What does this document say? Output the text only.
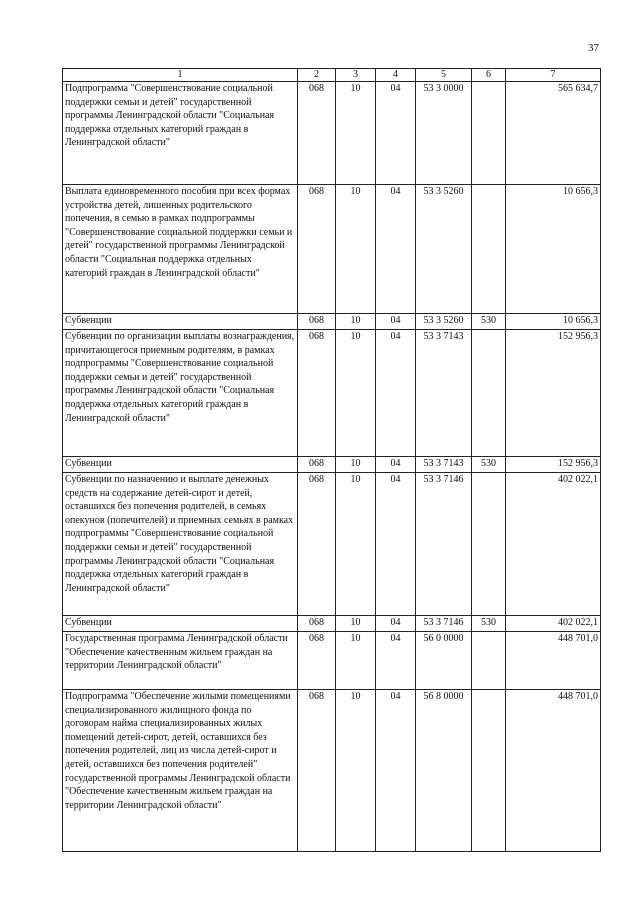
37
1	2	3	4	5	6	7
Подпрограмма "Совершенствование социальной поддержки семьи и детей" государственной программы Ленинградской области "Социальная поддержка отдельных категорий граждан в Ленинградской области"	068	10	04	53 3 0000		565 634,7
Выплата единовременного пособия при всех формах устройства детей, лишенных родительского попечения, в семью в рамках подпрограммы "Совершенствование социальной поддержки семьи и детей" государственной программы Ленинградской области "Социальная поддержка отдельных категорий граждан в Ленинградской области"	068	10	04	53 3 5260		10 656,3
Субвенции	068	10	04	53 3 5260	530	10 656,3
Субвенции по организации выплаты вознаграждения, причитающегося приемным родителям, в рамках подпрограммы "Совершенствование социальной поддержки семьи и детей" государственной программы Ленинградской области "Социальная поддержка отдельных категорий граждан в Ленинградской области"	068	10	04	53 3 7143		152 956,3
Субвенции	068	10	04	53 3 7143	530	152 956,3
Субвенции по назначению и выплате денежных средств на содержание детей-сирот и детей, оставшихся без попечения родителей, в семьях опекунов (попечителей) и приемных семьях в рамках подпрограммы "Совершенствование социальной поддержки семьи и детей" государственной программы Ленинградской области "Социальная поддержка отдельных категорий граждан в Ленинградской области"	068	10	04	53 3 7146		402 022,1
Субвенции	068	10	04	53 3 7146	530	402 022,1
Государственная программа Ленинградской области "Обеспечение качественным жильем граждан на территории Ленинградской области"	068	10	04	56 0 0000		448 701,0
Подпрограмма "Обеспечение жилыми помещениями специализированного жилищного фонда по договорам найма специализированных жилых помещений детей-сирот, детей, оставшихся без попечения родителей, лиц из числа детей-сирот и детей, оставшихся без попечения родителей" государственной программы Ленинградской области "Обеспечение качественным жильем граждан на территории Ленинградской области"	068	10	04	56 8 0000		448 701,0
